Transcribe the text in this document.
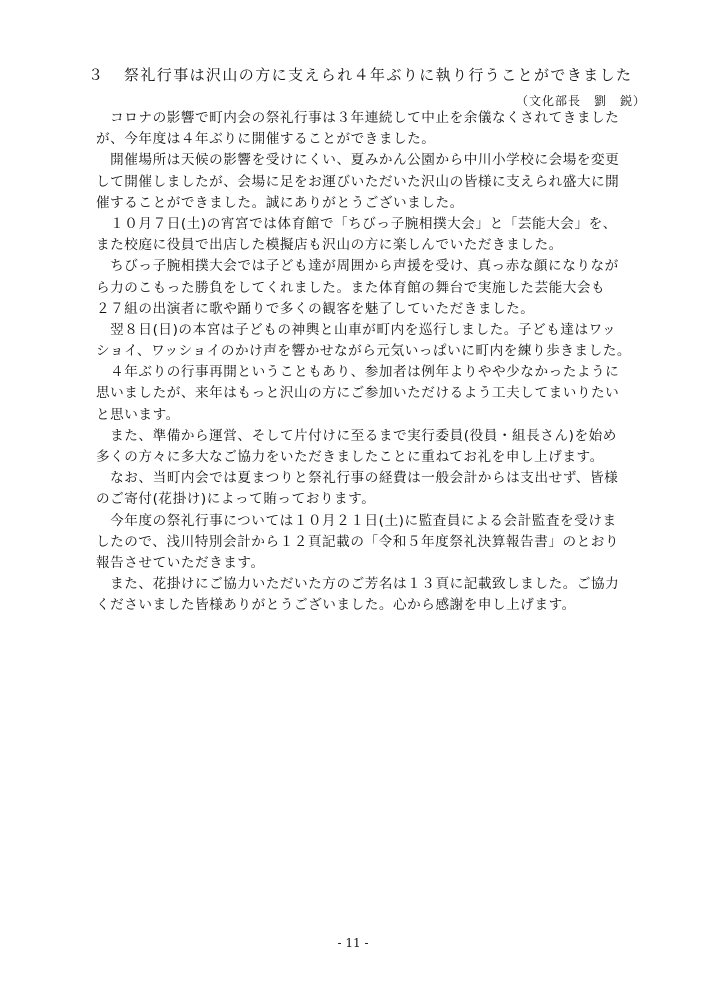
３ 祭礼行事は沢山の方に支えられ４年ぶりに執り行うことができました
（文化部長　劉　鋭）
　コロナの影響で町内会の祭礼行事は３年連続して中止を余儀なくされてきました
が、今年度は４年ぶりに開催することができました。
　開催場所は天候の影響を受けにくい、夏みかん公園から中川小学校に会場を変更
して開催しましたが、会場に足をお運びいただいた沢山の皆様に支えられ盛大に開
催することができました。誠にありがとうございました。
　１０月７日(土)の宵宮では体育館で「ちびっ子腕相撲大会」と「芸能大会」を、
また校庭に役員で出店した模擬店も沢山の方に楽しんでいただきました。
　ちびっ子腕相撲大会では子ども達が周囲から声援を受け、真っ赤な顔になりなが
ら力のこもった勝負をしてくれました。また体育館の舞台で実施した芸能大会も
２７組の出演者に歌や踊りで多くの観客を魅了していただきました。
　翌８日(日)の本宮は子どもの神輿と山車が町内を巡行しました。子ども達はワッ
ショイ、ワッショイのかけ声を響かせながら元気いっぱいに町内を練り歩きました。
　４年ぶりの行事再開ということもあり、参加者は例年よりやや少なかったように
思いましたが、来年はもっと沢山の方にご参加いただけるよう工夫してまいりたい
と思います。
　また、準備から運営、そして片付けに至るまで実行委員(役員・組長さん)を始め
多くの方々に多大なご協力をいただきましたことに重ねてお礼を申し上げます。
　なお、当町内会では夏まつりと祭礼行事の経費は一般会計からは支出せず、皆様
のご寄付(花掛け)によって賄っております。
　今年度の祭礼行事については１０月２１日(土)に監査員による会計監査を受けま
したので、浅川特別会計から１２頁記載の「令和５年度祭礼決算報告書」のとおり
報告させていただきます。
　また、花掛けにご協力いただいた方のご芳名は１３頁に記載致しました。ご協力
くださいました皆様ありがとうございました。心から感謝を申し上げます。
- 11 -
